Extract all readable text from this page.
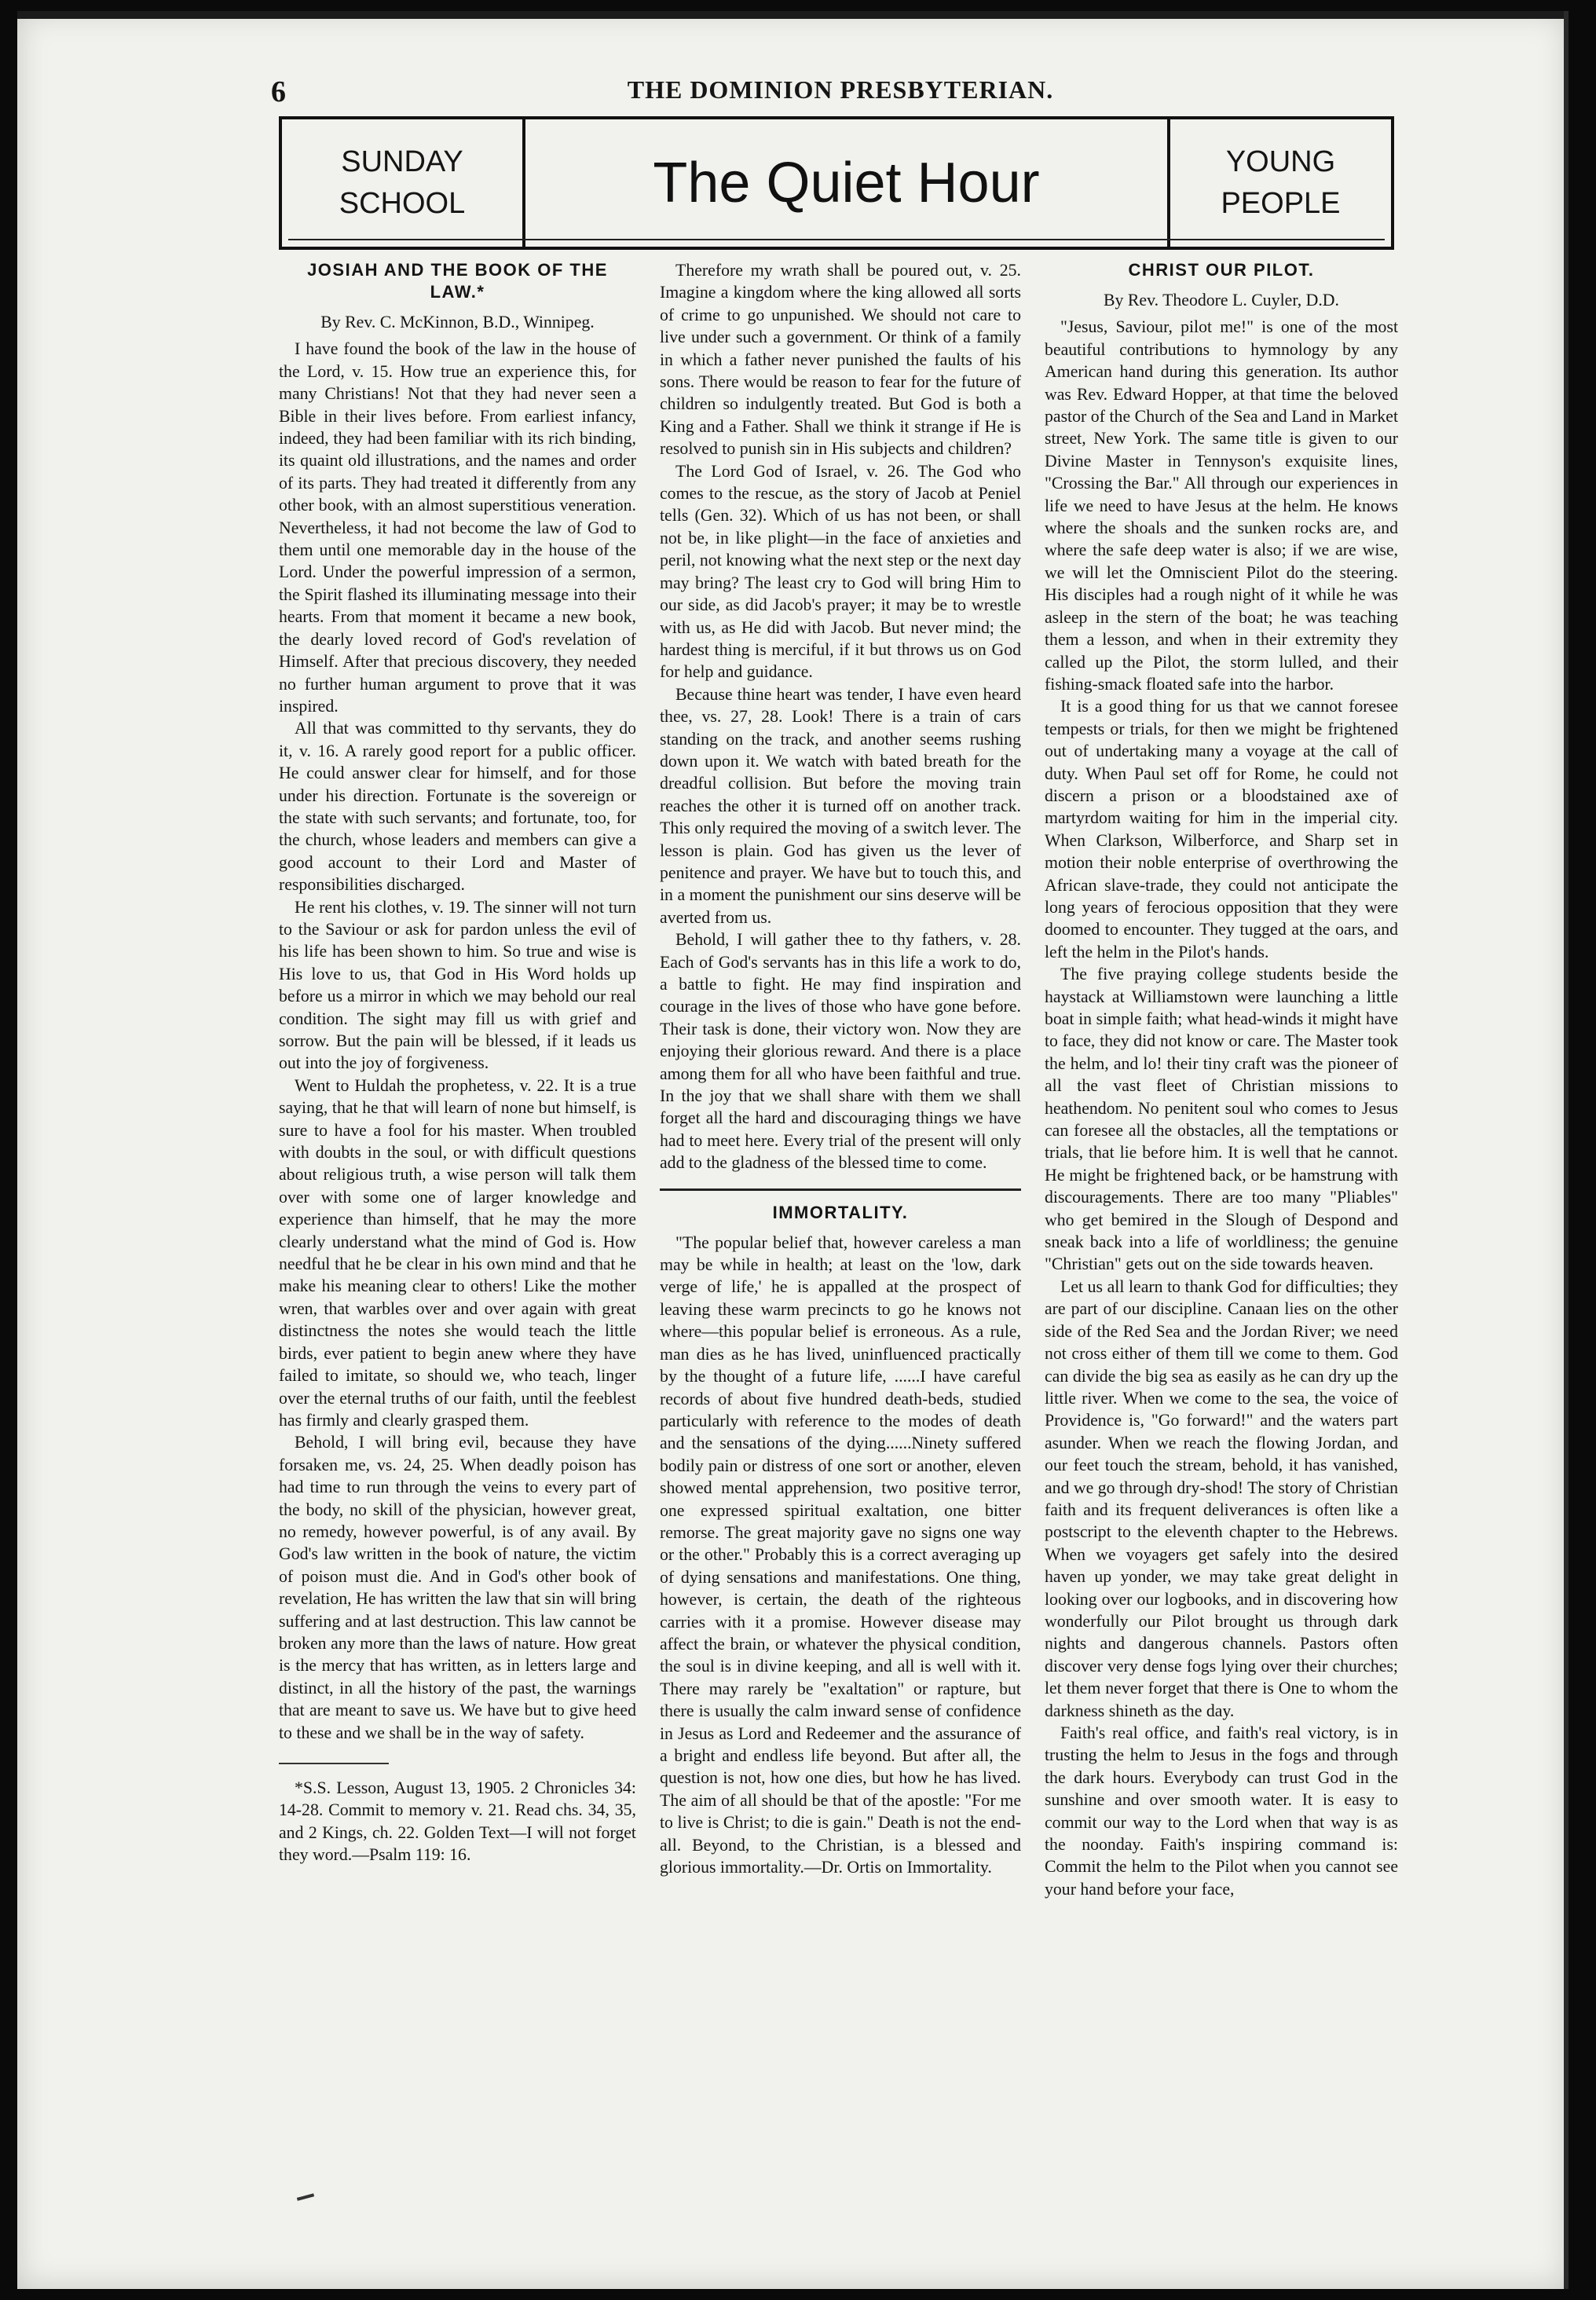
6	THE DOMINION PRESBYTERIAN.
SUNDAY
SCHOOL	The Quiet Hour	YOUNG
PEOPLE
JOSIAH AND THE BOOK OF THE LAW.*
By Rev. C. McKinnon, B.D., Winnipeg.

I have found the book of the law in the house of the Lord, v. 15. How true an experience this, for many Christians! Not that they had never seen a Bible in their lives before. From earliest infancy, indeed, they had been familiar with its rich binding, its quaint old illustrations, and the names and order of its parts. They had treated it differently from any other book, with an almost superstitious veneration. Nevertheless, it had not become the law of God to them until one memorable day in the house of the Lord. Under the powerful impression of a sermon, the Spirit flashed its illuminating message into their hearts. From that moment it became a new book, the dearly loved record of God's revelation of Himself. After that precious discovery, they needed no further human argument to prove that it was inspired.

All that was committed to thy servants, they do it, v. 16. A rarely good report for a public officer. He could answer clear for himself, and for those under his direction. Fortunate is the sovereign or the state with such servants; and fortunate, too, for the church, whose leaders and members can give a good account to their Lord and Master of responsibilities discharged.

He rent his clothes, v. 19. The sinner will not turn to the Saviour or ask for pardon unless the evil of his life has been shown to him. So true and wise is His love to us, that God in His Word holds up before us a mirror in which we may behold our real condition. The sight may fill us with grief and sorrow. But the pain will be blessed, if it leads us out into the joy of forgiveness.

Went to Huldah the prophetess, v. 22. It is a true saying, that he that will learn of none but himself, is sure to have a fool for his master. When troubled with doubts in the soul, or with difficult questions about religious truth, a wise person will talk them over with some one of larger knowledge and experience than himself, that he may the more clearly understand what the mind of God is. How needful that he be clear in his own mind and that he make his meaning clear to others! Like the mother wren, that warbles over and over again with great distinctness the notes she would teach the little birds, ever patient to begin anew where they have failed to imitate, so should we, who teach, linger over the eternal truths of our faith, until the feeblest has firmly and clearly grasped them.

Behold, I will bring evil, because they have forsaken me, vs. 24, 25. When deadly poison has had time to run through the veins to every part of the body, no skill of the physician, however great, no remedy, however powerful, is of any avail. By God's law written in the book of nature, the victim of poison must die. And in God's other book of revelation, He has written the law that sin will bring suffering and at last destruction. This law cannot be broken any more than the laws of nature. How great is the mercy that has written, as in letters large and distinct, in all the history of the past, the warnings that are meant to save us. We have but to give heed to these and we shall be in the way of safety.

*S.S. Lesson, August 13, 1905. 2 Chronicles 34: 14-28. Commit to memory v. 21. Read chs. 34, 35, and 2 Kings, ch. 22. Golden Text—I will not forget they word.—Psalm 119: 16.

Therefore my wrath shall be poured out, v. 25. Imagine a kingdom where the king allowed all sorts of crime to go unpunished. We should not care to live under such a government. Or think of a family in which a father never punished the faults of his sons. There would be reason to fear for the future of children so indulgently treated. But God is both a King and a Father. Shall we think it strange if He is resolved to punish sin in His subjects and children?

The Lord God of Israel, v. 26. The God who comes to the rescue, as the story of Jacob at Peniel tells (Gen. 32). Which of us has not been, or shall not be, in like plight—in the face of anxieties and peril, not knowing what the next step or the next day may bring? The least cry to God will bring Him to our side, as did Jacob's prayer; it may be to wrestle with us, as He did with Jacob. But never mind; the hardest thing is merciful, if it but throws us on God for help and guidance.

Because thine heart was tender, I have even heard thee, vs. 27, 28. Look! There is a train of cars standing on the track, and another seems rushing down upon it. We watch with bated breath for the dreadful collision. But before the moving train reaches the other it is turned off on another track. This only required the moving of a switch lever. The lesson is plain. God has given us the lever of penitence and prayer. We have but to touch this, and in a moment the punishment our sins deserve will be averted from us.

Behold, I will gather thee to thy fathers, v. 28. Each of God's servants has in this life a work to do, a battle to fight. He may find inspiration and courage in the lives of those who have gone before. Their task is done, their victory won. Now they are enjoying their glorious reward. And there is a place among them for all who have been faithful and true. In the joy that we shall share with them we shall forget all the hard and discouraging things we have had to meet here. Every trial of the present will only add to the gladness of the blessed time to come.

IMMORTALITY.

"The popular belief that, however careless a man may be while in health; at least on the 'low, dark verge of life,' he is appalled at the prospect of leaving these warm precincts to go he knows not where—this popular belief is erroneous. As a rule, man dies as he has lived, uninfluenced practically by the thought of a future life, ......I have careful records of about five hundred death-beds, studied particularly with reference to the modes of death and the sensations of the dying......Ninety suffered bodily pain or distress of one sort or another, eleven showed mental apprehension, two positive terror, one expressed spiritual exaltation, one bitter remorse. The great majority gave no signs one way or the other." Probably this is a correct averaging up of dying sensations and manifestations. One thing, however, is certain, the death of the righteous carries with it a promise. However disease may affect the brain, or whatever the physical condition, the soul is in divine keeping, and all is well with it. There may rarely be "exaltation" or rapture, but there is usually the calm inward sense of confidence in Jesus as Lord and Redeemer and the assurance of a bright and endless life beyond. But after all, the question is not, how one dies, but how he has lived. The aim of all should be that of the apostle: "For me to live is Christ; to die is gain." Death is not the end-all. Beyond, to the Christian, is a blessed and glorious immortality.—Dr. Ortis on Immortality.

CHRIST OUR PILOT.
By Rev. Theodore L. Cuyler, D.D.

"Jesus, Saviour, pilot me!" is one of the most beautiful contributions to hymnology by any American hand during this generation. Its author was Rev. Edward Hopper, at that time the beloved pastor of the Church of the Sea and Land in Market street, New York. The same title is given to our Divine Master in Tennyson's exquisite lines, "Crossing the Bar." All through our experiences in life we need to have Jesus at the helm. He knows where the shoals and the sunken rocks are, and where the safe deep water is also; if we are wise, we will let the Omniscient Pilot do the steering. His disciples had a rough night of it while he was asleep in the stern of the boat; he was teaching them a lesson, and when in their extremity they called up the Pilot, the storm lulled, and their fishing-smack floated safe into the harbor.

It is a good thing for us that we cannot foresee tempests or trials, for then we might be frightened out of undertaking many a voyage at the call of duty. When Paul set off for Rome, he could not discern a prison or a bloodstained axe of martyrdom waiting for him in the imperial city. When Clarkson, Wilberforce, and Sharp set in motion their noble enterprise of overthrowing the African slave-trade, they could not anticipate the long years of ferocious opposition that they were doomed to encounter. They tugged at the oars, and left the helm in the Pilot's hands.

The five praying college students beside the haystack at Williamstown were launching a little boat in simple faith; what head-winds it might have to face, they did not know or care. The Master took the helm, and lo! their tiny craft was the pioneer of all the vast fleet of Christian missions to heathendom. No penitent soul who comes to Jesus can foresee all the obstacles, all the temptations or trials, that lie before him. It is well that he cannot. He might be frightened back, or be hamstrung with discouragements. There are too many "Pliables" who get bemired in the Slough of Despond and sneak back into a life of worldliness; the genuine "Christian" gets out on the side towards heaven.

Let us all learn to thank God for difficulties; they are part of our discipline. Canaan lies on the other side of the Red Sea and the Jordan River; we need not cross either of them till we come to them. God can divide the big sea as easily as he can dry up the little river. When we come to the sea, the voice of Providence is, "Go forward!" and the waters part asunder. When we reach the flowing Jordan, and our feet touch the stream, behold, it has vanished, and we go through dry-shod! The story of Christian faith and its frequent deliverances is often like a postscript to the eleventh chapter to the Hebrews. When we voyagers get safely into the desired haven up yonder, we may take great delight in looking over our logbooks, and in discovering how wonderfully our Pilot brought us through dark nights and dangerous channels. Pastors often discover very dense fogs lying over their churches; let them never forget that there is One to whom the darkness shineth as the day.

Faith's real office, and faith's real victory, is in trusting the helm to Jesus in the fogs and through the dark hours. Everybody can trust God in the sunshine and over smooth water. It is easy to commit our way to the Lord when that way is as the noonday. Faith's inspiring command is: Commit the helm to the Pilot when you cannot see your hand before your face,
